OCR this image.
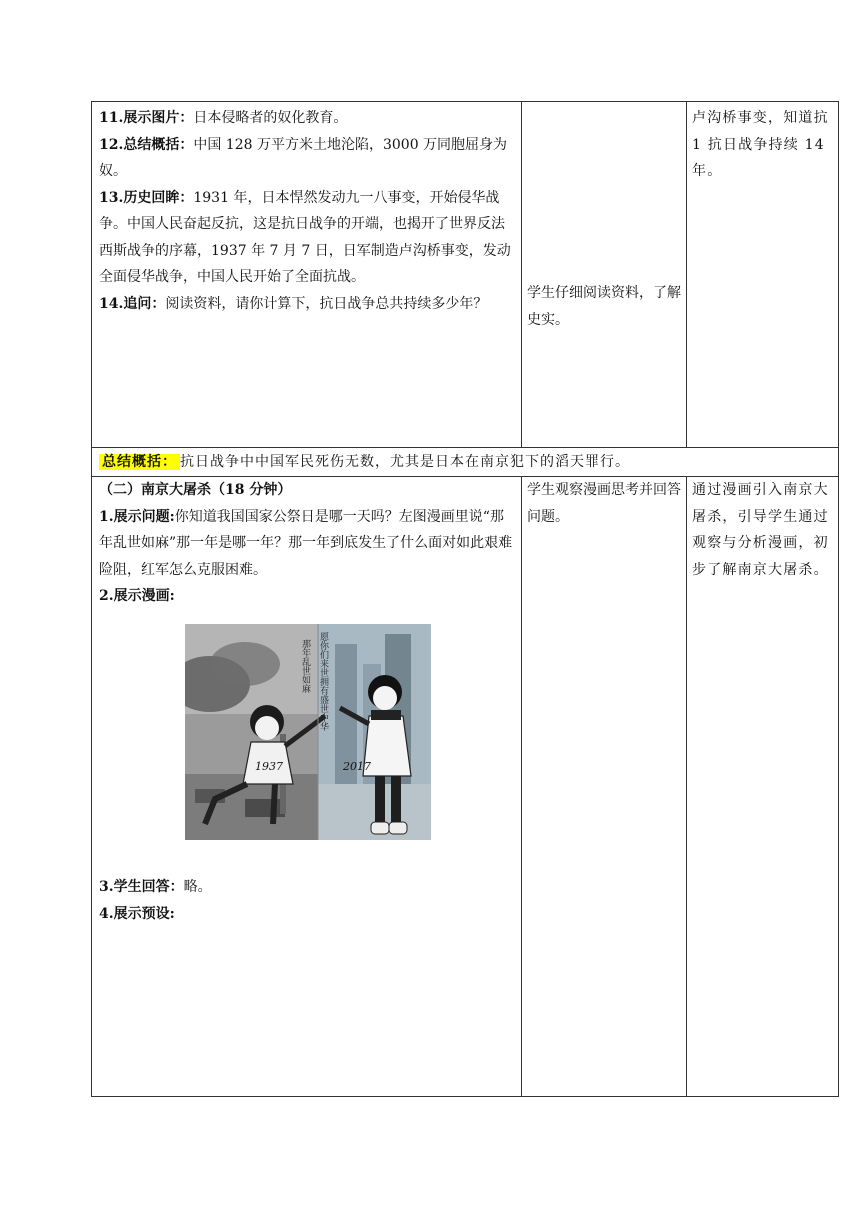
11.展示图片：日本侵略者的奴化教育。

12.总结概括：中国 128 万平方米土地沦陷，3000 万同胞屈身为奴。

13.历史回眸：1931 年，日本悍然发动九一八事变，开始侵华战争。中国人民奋起反抗，这是抗日战争的开端，也揭开了世界反法西斯战争的序幕，1937 年 7 月 7 日，日军制造卢沟桥事变，发动全面侵华战争，中国人民开始了全面抗战。

14.追问：阅读资料，请你计算下，抗日战争总共持续多少年？

学生仔细阅读资料，了解史实。

卢沟桥事变，知道抗1 抗日战争持续 14 年。

总结概括： 抗日战争中中国军民死伤无数，尤其是日本在南京犯下的滔天罪行。

（二）南京大屠杀（18 分钟）

1.展示问题:你知道我国国家公祭日是哪一天吗？左图漫画里说“那年乱世如麻”那一年是哪一年？那一年到底发生了什么面对如此艰难险阻，红军怎么克服困难。

2.展示漫画:

那年乱世如麻 愿你们来世拥有盛世中华
1937	2017

3.学生回答：略。

4.展示预设:

学生观察漫画思考并回答问题。

通过漫画引入南京大屠杀，引导学生通过观察与分析漫画，初步了解南京大屠杀。
